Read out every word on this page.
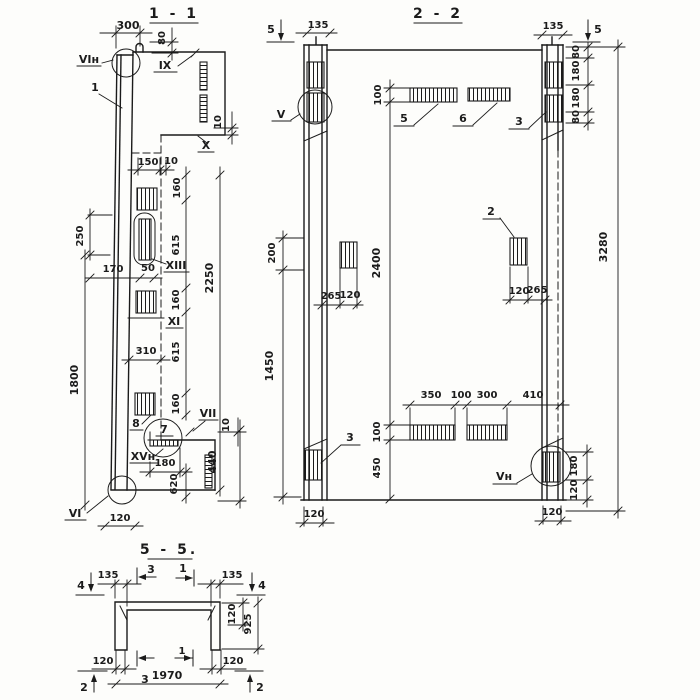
1 - 1
300
80
VIн
1
IX
X
10
150 10
160
615
160
615
160
2250
250
1800
170 50 XIII
XI
310
8 7
VII
10
XVн
180
620
440
VI	120
2 - 2
5	5
135	135
80
180
180
80
3280
100
2400
100
450
5	6	3
V
200
1450
265
120
2
120
265
350 100 300	410
3
Vн
180
120
120	120
5 - 5.
4	4
135	135
3 1
120 925
120	120
3
1
1970
2	2
